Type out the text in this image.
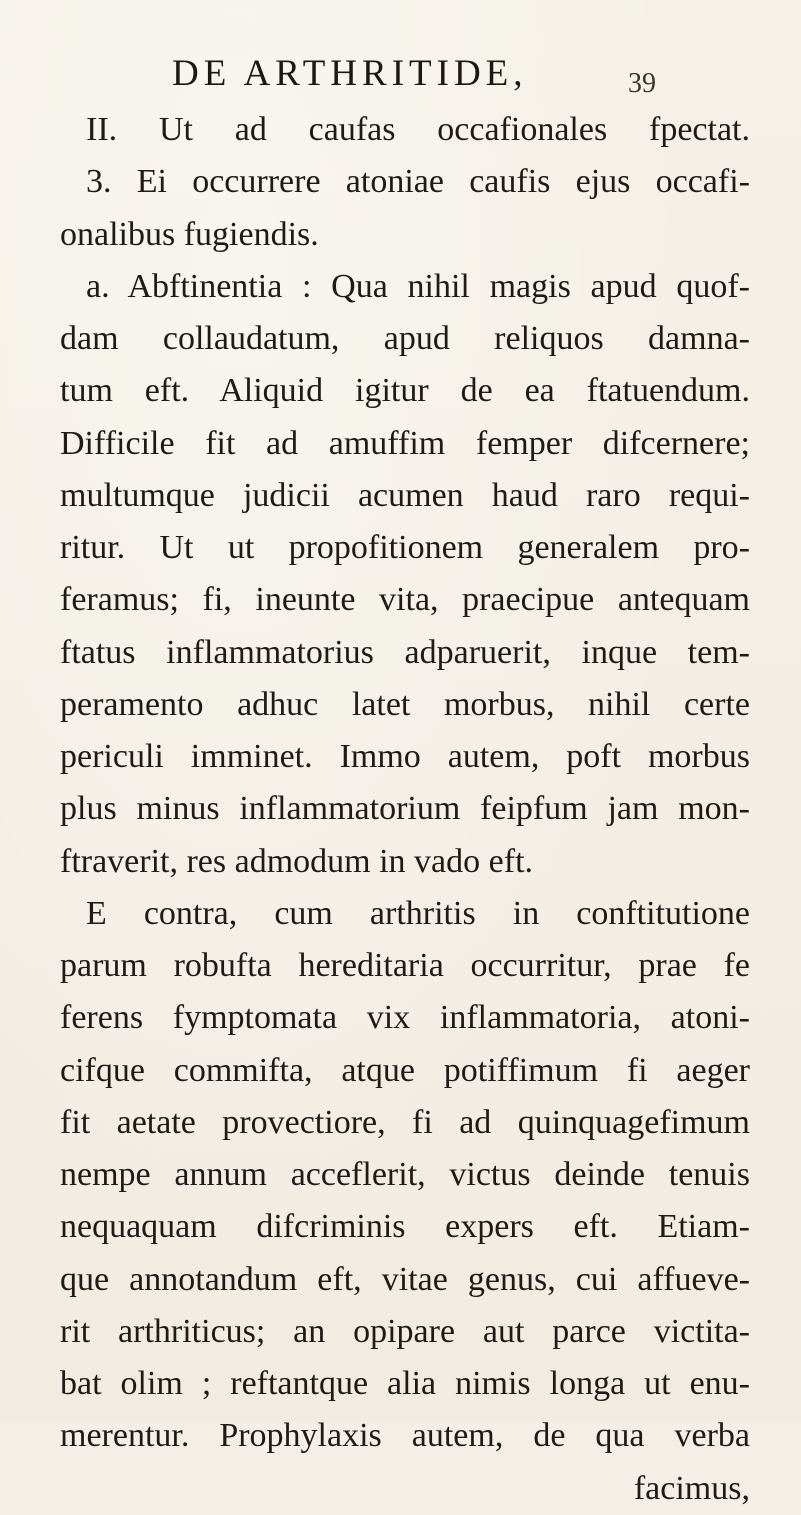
DE ARTHRITIDE,	39
II. Ut ad caufas occafionales fpectat.
3. Ei occurrere atoniae caufis ejus occafi-
onalibus fugiendis.
a. Abftinentia : Qua nihil magis apud quof-
dam collaudatum, apud reliquos damna-
tum eft. Aliquid igitur de ea ftatuendum.
Difficile fit ad amuffim femper difcernere;
multumque judicii acumen haud raro requi-
ritur. Ut ut propofitionem generalem pro-
feramus; fi, ineunte vita, praecipue antequam
ftatus inflammatorius adparuerit, inque tem-
peramento adhuc latet morbus, nihil certe
periculi imminet. Immo autem, poft morbus
plus minus inflammatorium feipfum jam mon-
ftraverit, res admodum in vado eft.
E contra, cum arthritis in conftitutione
parum robufta hereditaria occurritur, prae fe
ferens fymptomata vix inflammatoria, atoni-
cifque commifta, atque potiffimum fi aeger
fit aetate provectiore, fi ad quinquagefimum
nempe annum acceflerit, victus deinde tenuis
nequaquam difcriminis expers eft. Etiam-
que annotandum eft, vitae genus, cui affueve-
rit arthriticus; an opipare aut parce victita-
bat olim ; reftantque alia nimis longa ut enu-
merentur. Prophylaxis autem, de qua verba
facimus,
